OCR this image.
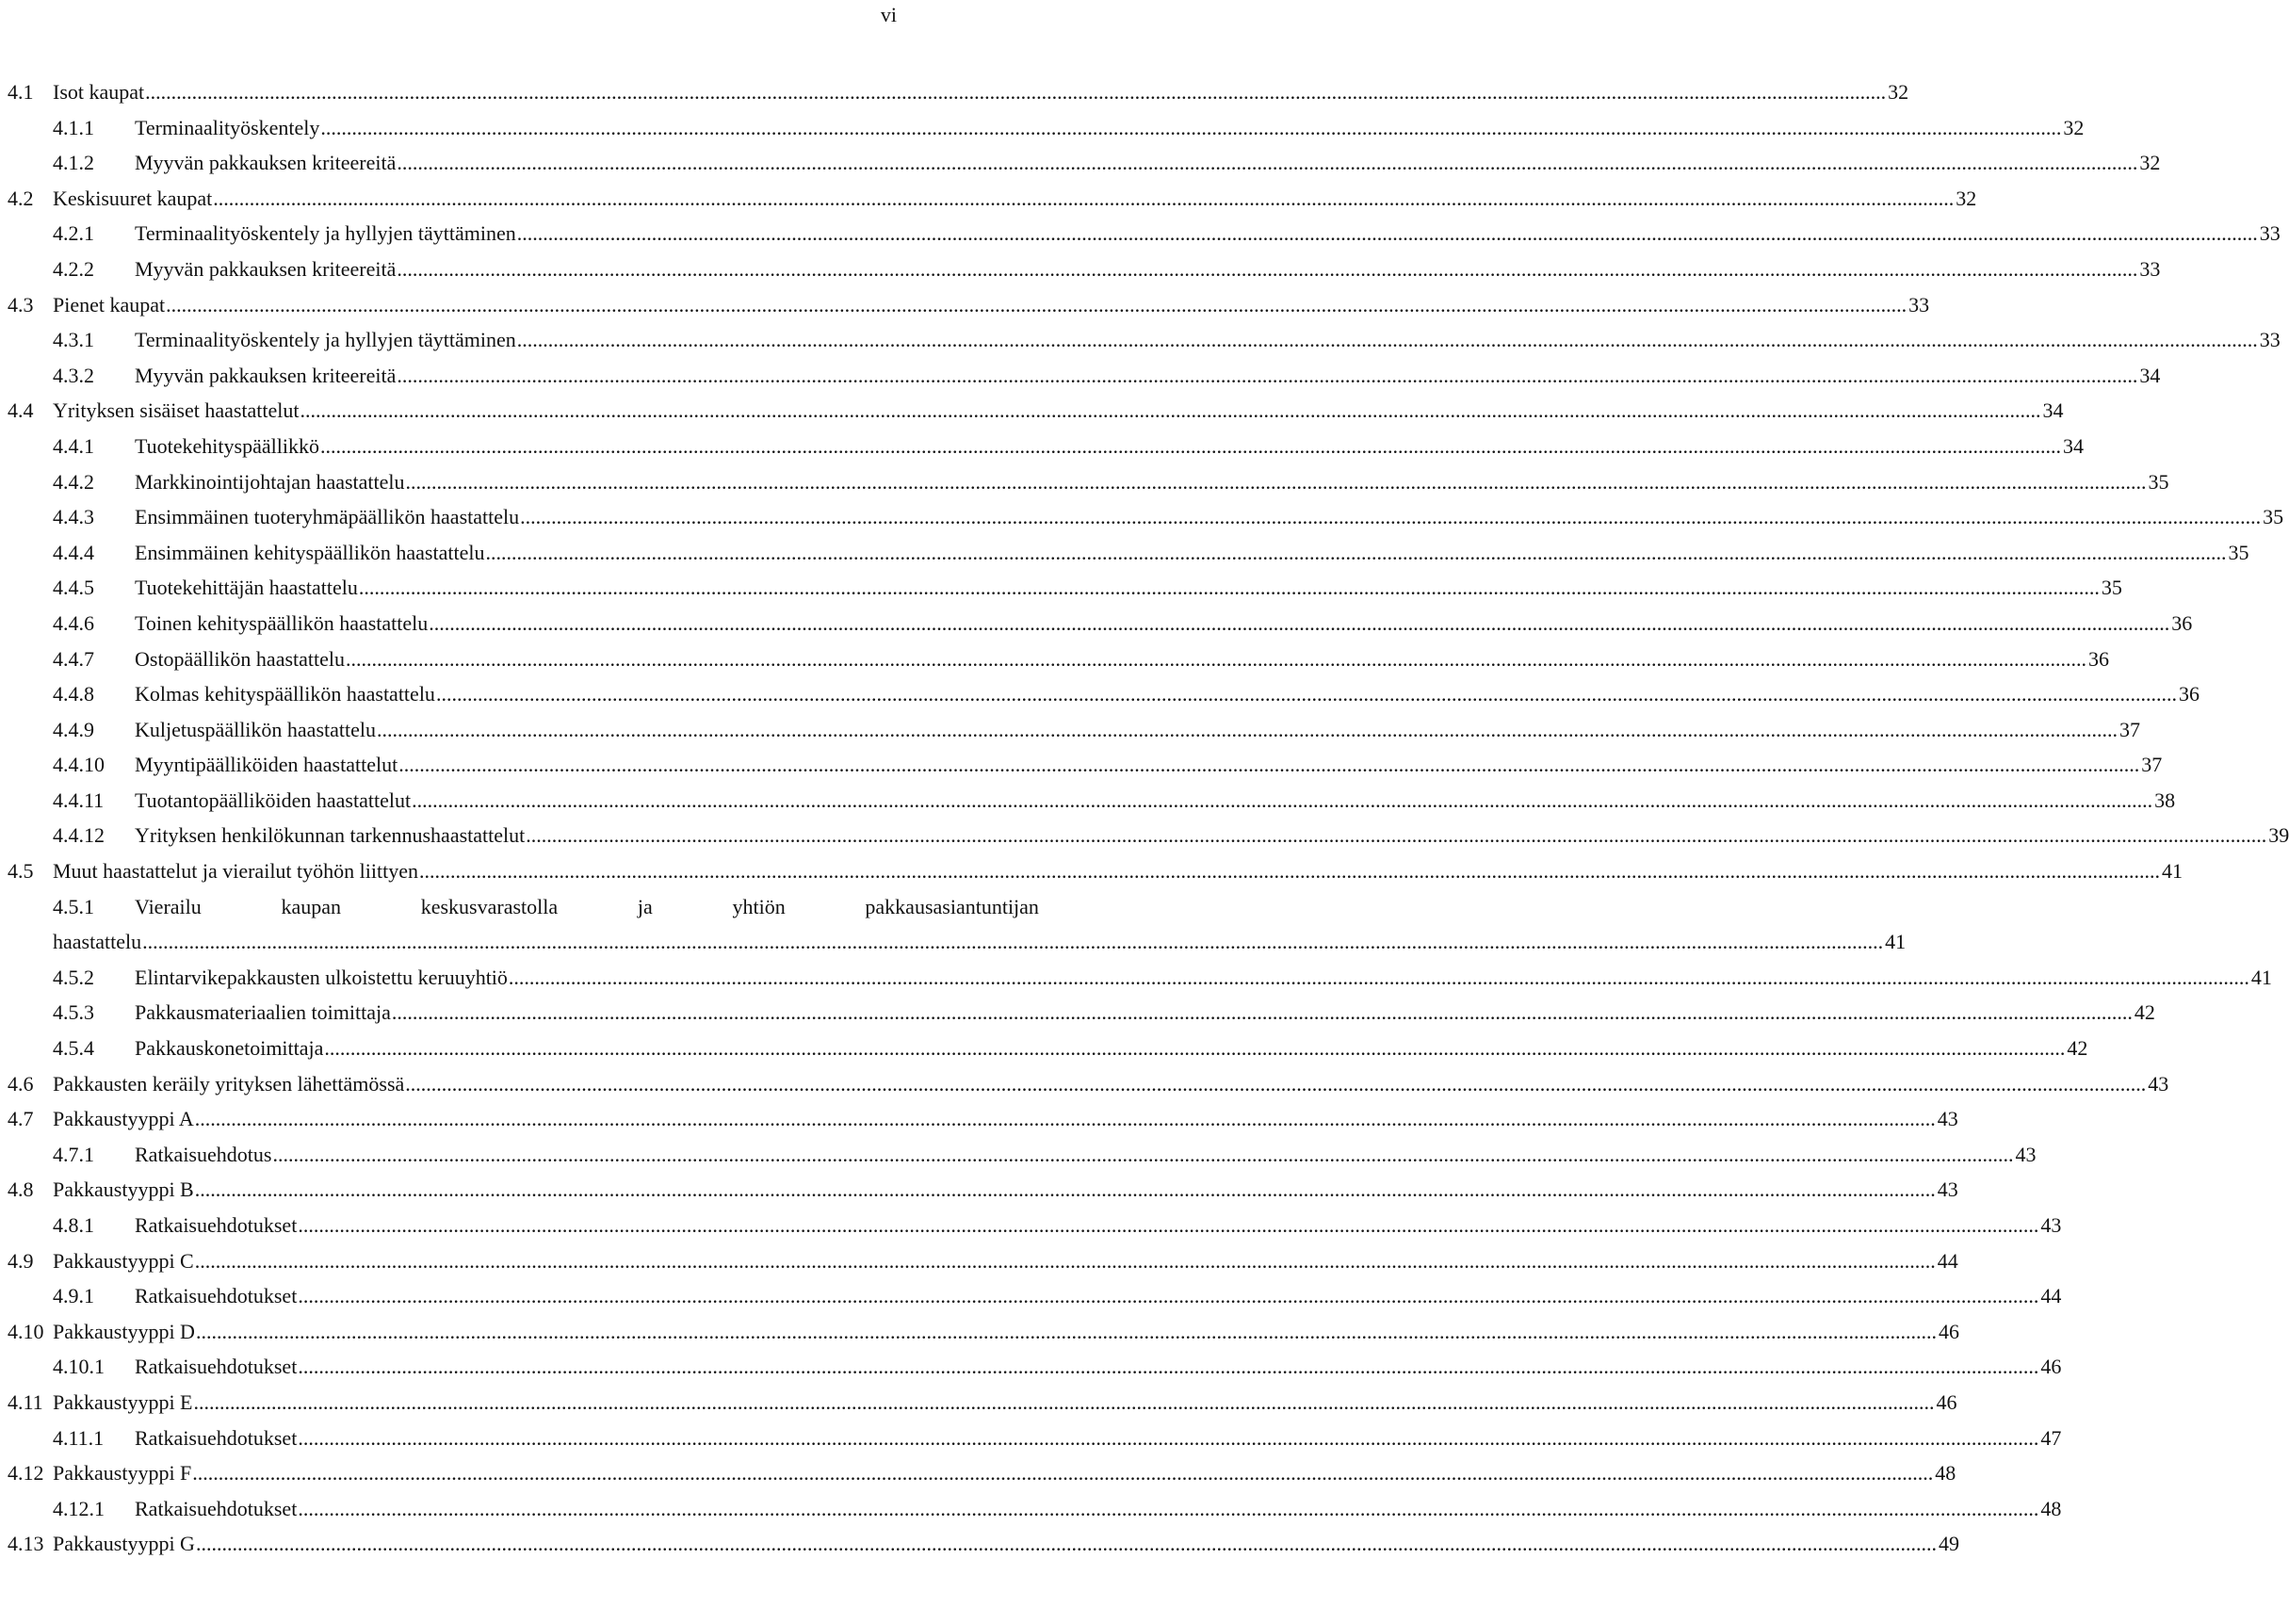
vi
4.1 Isot kaupat .....	32
4.1.1 Terminaalityöskentely .....	32
4.1.2 Myyvän pakkauksen kriteereitä .....	32
4.2 Keskisuuret kaupat .....	32
4.2.1 Terminaalityöskentely ja hyllyjen täyttäminen .....	33
4.2.2 Myyvän pakkauksen kriteereitä .....	33
4.3 Pienet kaupat .....	33
4.3.1 Terminaalityöskentely ja hyllyjen täyttäminen .....	33
4.3.2 Myyvän pakkauksen kriteereitä .....	34
4.4 Yrityksen sisäiset haastattelut .....	34
4.4.1 Tuotekehityspäällikkö .....	34
4.4.2 Markkinointijohtajan haastattelu .....	35
4.4.3 Ensimmäinen tuoteryhmäpäällikön haastattelu .....	35
4.4.4 Ensimmäinen kehityspäällikön haastattelu .....	35
4.4.5 Tuotekehittäjän haastattelu .....	35
4.4.6 Toinen kehityspäällikön haastattelu .....	36
4.4.7 Ostopäällikön haastattelu .....	36
4.4.8 Kolmas kehityspäällikön haastattelu .....	36
4.4.9 Kuljetuspäällikön haastattelu .....	37
4.4.10 Myyntipäälliköiden haastattelut .....	37
4.4.11 Tuotantopäälliköiden haastattelut .....	38
4.4.12 Yrityksen henkilökunnan tarkennushaastattelut .....	39
4.5 Muut haastattelut ja vierailut työhön liittyen .....	41
4.5.1 Vierailu	kaupan	keskusvarastolla	ja	yhtiön	pakkausasiantuntijan
haastattelu .....	41
4.5.2 Elintarvikepakkausten ulkoistettu keruuyhtiö .....	41
4.5.3 Pakkausmateriaalien toimittaja .....	42
4.5.4 Pakkauskonetoimittaja .....	42
4.6 Pakkausten keräily yrityksen lähettämössä .....	43
4.7 Pakkaustyyppi A .....	43
4.7.1 Ratkaisuehdotus .....	43
4.8 Pakkaustyyppi B .....	43
4.8.1 Ratkaisuehdotukset .....	43
4.9 Pakkaustyyppi C .....	44
4.9.1 Ratkaisuehdotukset .....	44
4.10 Pakkaustyyppi D .....	46
4.10.1 Ratkaisuehdotukset .....	46
4.11 Pakkaustyyppi E .....	46
4.11.1 Ratkaisuehdotukset .....	47
4.12 Pakkaustyyppi F .....	48
4.12.1 Ratkaisuehdotukset .....	48
4.13 Pakkaustyyppi G .....	49
